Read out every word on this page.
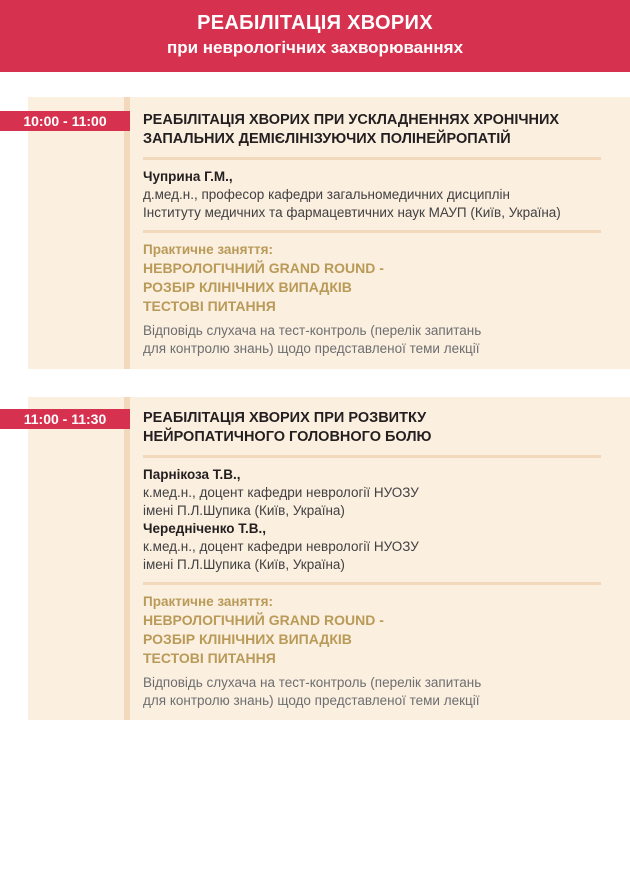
РЕАБІЛІТАЦІЯ ХВОРИХ
при неврологічних захворюваннях
10:00 - 11:00	РЕАБІЛІТАЦІЯ ХВОРИХ ПРИ УСКЛАДНЕННЯХ ХРОНІЧНИХ
ЗАПАЛЬНИХ ДЕМІЄЛІНІЗУЮЧИХ ПОЛІНЕЙРОПАТІЙ
Чуприна Г.М.,
д.мед.н., професор кафедри загальномедичних дисциплін
Інституту медичних та фармацевтичних наук МАУП (Київ, Україна)
Практичне заняття:
НЕВРОЛОГІЧНИЙ GRAND ROUND -
РОЗБІР КЛІНІЧНИХ ВИПАДКІВ
ТЕСТОВІ ПИТАННЯ
Відповідь слухача на тест-контроль (перелік запитань
для контролю знань) щодо представленої теми лекції
11:00 - 11:30	РЕАБІЛІТАЦІЯ ХВОРИХ ПРИ РОЗВИТКУ
НЕЙРОПАТИЧНОГО ГОЛОВНОГО БОЛЮ
Парнікоза Т.В.,
к.мед.н., доцент кафедри неврології НУОЗУ
імені П.Л.Шупика (Київ, Україна)
Чередніченко Т.В.,
к.мед.н., доцент кафедри неврології НУОЗУ
імені П.Л.Шупика (Київ, Україна)
Практичне заняття:
НЕВРОЛОГІЧНИЙ GRAND ROUND -
РОЗБІР КЛІНІЧНИХ ВИПАДКІВ
ТЕСТОВІ ПИТАННЯ
Відповідь слухача на тест-контроль (перелік запитань
для контролю знань) щодо представленої теми лекції
